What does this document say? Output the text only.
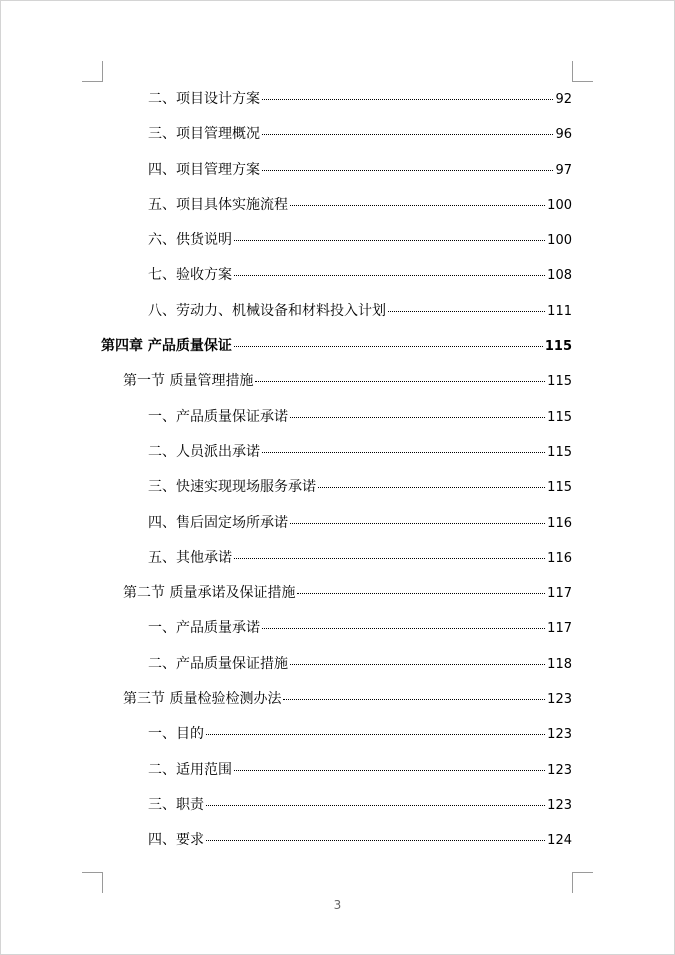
二、项目设计方案	92
三、项目管理概况	96
四、项目管理方案	97
五、项目具体实施流程	100
六、供货说明	100
七、验收方案	108
八、劳动力、机械设备和材料投入计划	111
第四章 产品质量保证	115
第一节 质量管理措施	115
一、产品质量保证承诺	115
二、人员派出承诺	115
三、快速实现现场服务承诺	115
四、售后固定场所承诺	116
五、其他承诺	116
第二节 质量承诺及保证措施	117
一、产品质量承诺	117
二、产品质量保证措施	118
第三节 质量检验检测办法	123
一、目的	123
二、适用范围	123
三、职责	123
四、要求	124
3
